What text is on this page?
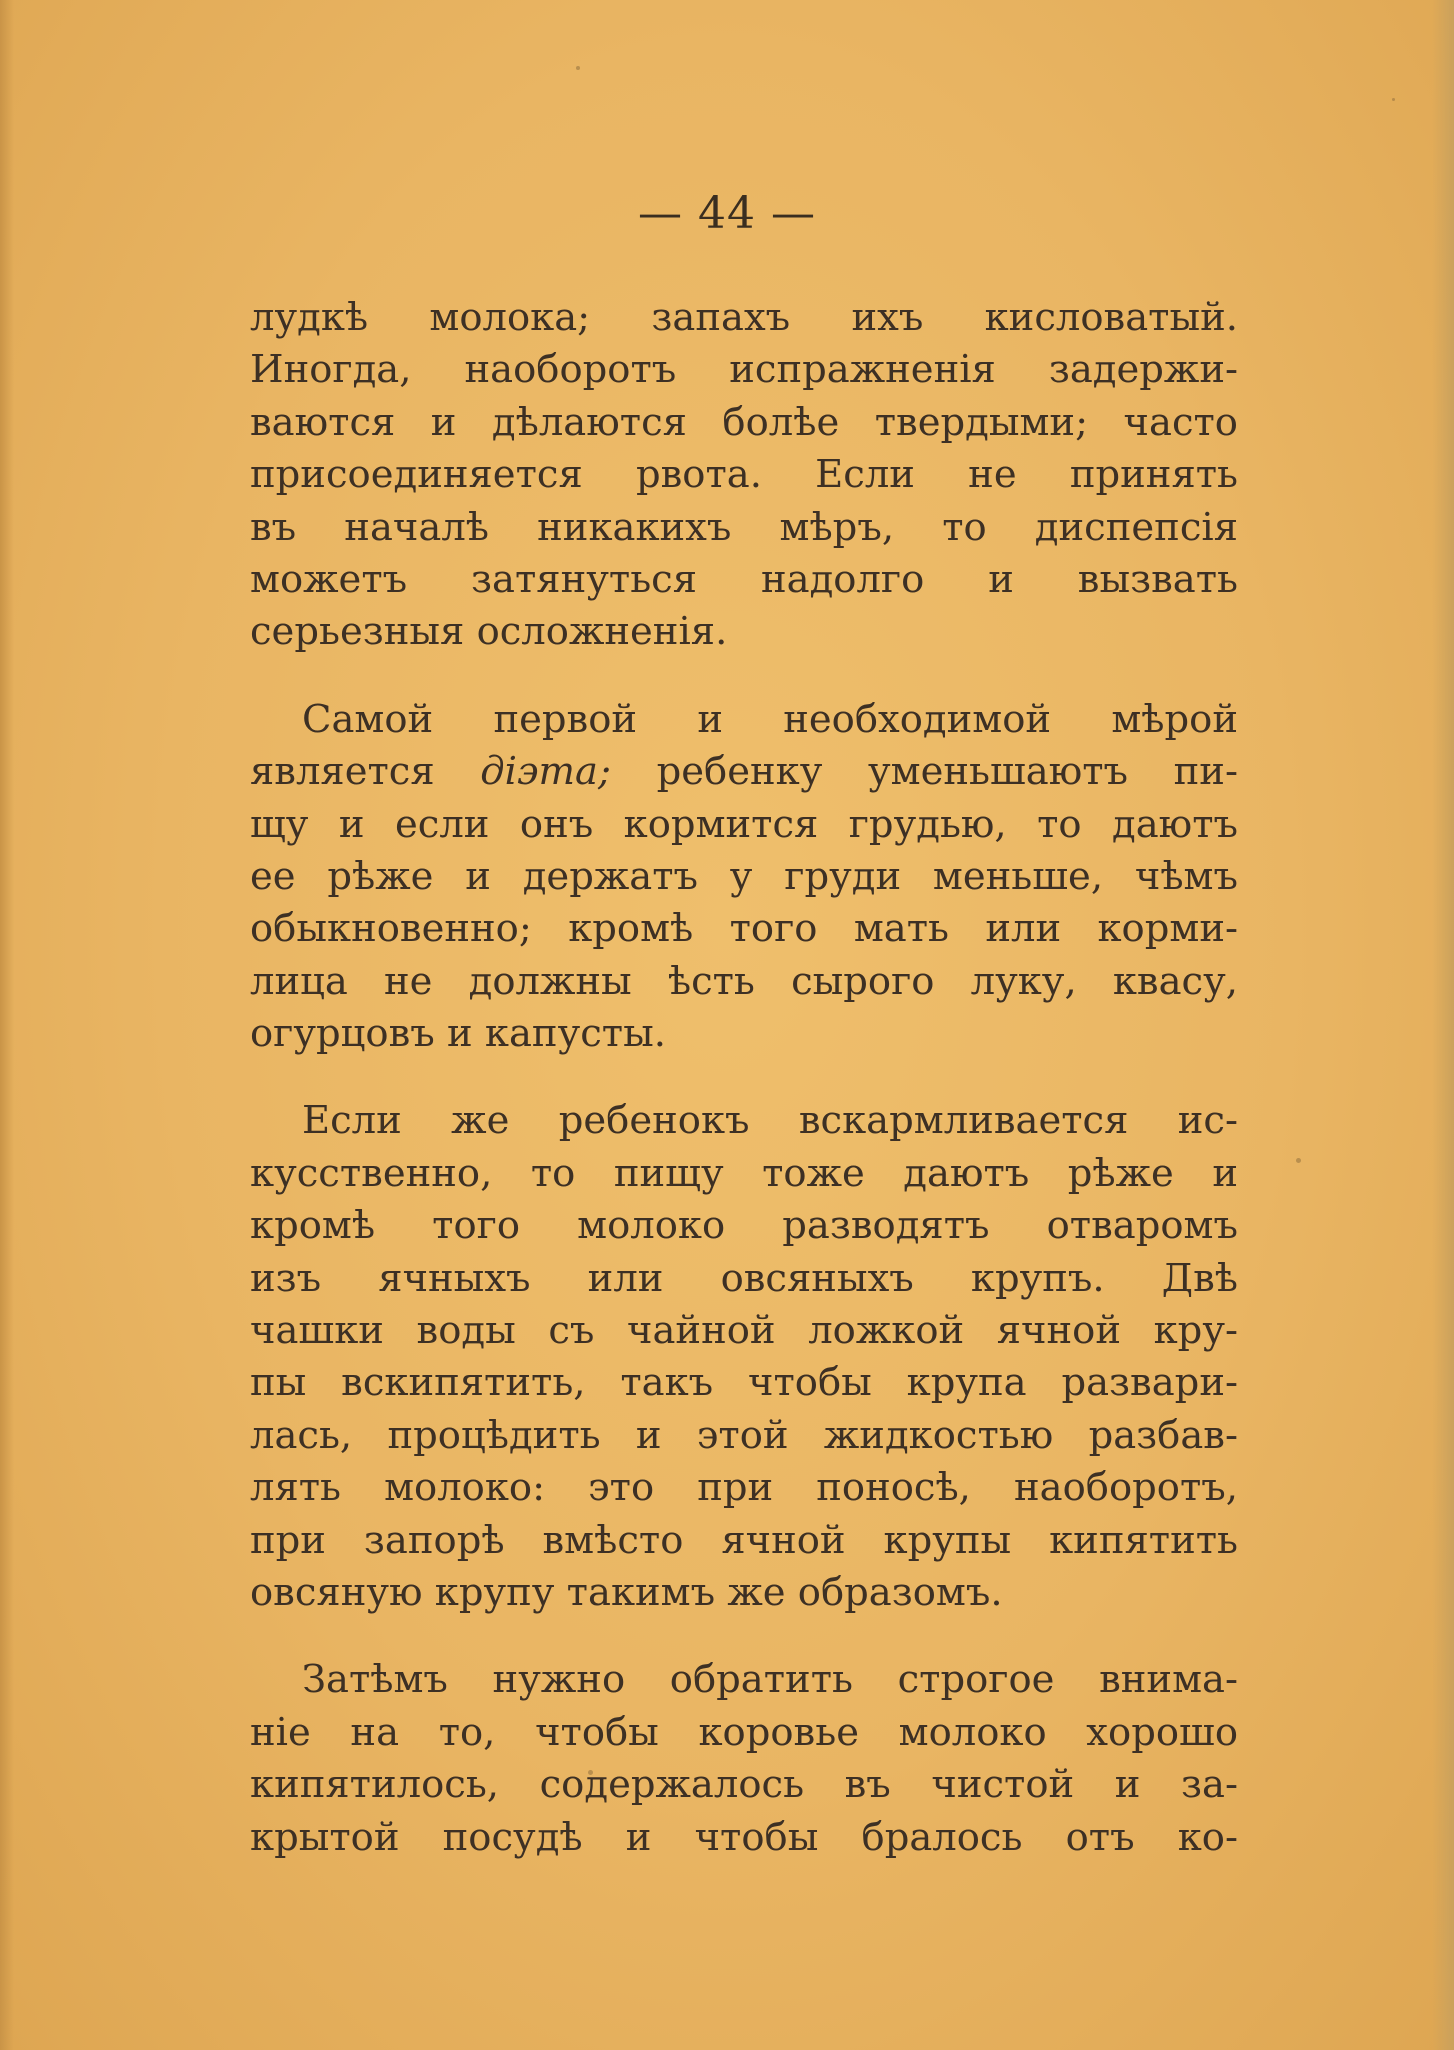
— 44 —

лудкѣ молока; запахъ ихъ кисловатый.
Иногда, наоборотъ испражненія задержи-
ваются и дѣлаются болѣе твердыми; часто
присоединяется рвота. Если не принять
въ началѣ никакихъ мѣръ, то диспепсія
можетъ затянуться надолго и вызвать
серьезныя осложненія.

Самой первой и необходимой мѣрой
является діэта; ребенку уменьшаютъ пи-
щу и если онъ кормится грудью, то даютъ
ее рѣже и держатъ у груди меньше, чѣмъ
обыкновенно; кромѣ того мать или корми-
лица не должны ѣсть сырого луку, квасу,
огурцовъ и капусты.

Если же ребенокъ вскармливается ис-
кусственно, то пищу тоже даютъ рѣже и
кромѣ того молоко разводятъ отваромъ
изъ ячныхъ или овсяныхъ крупъ. Двѣ
чашки воды съ чайной ложкой ячной кру-
пы вскипятить, такъ чтобы крупа развари-
лась, процѣдить и этой жидкостью разбав-
лять молоко: это при поносѣ, наоборотъ,
при запорѣ вмѣсто ячной крупы кипятить
овсяную крупу такимъ же образомъ.

Затѣмъ нужно обратить строгое внима-
ніе на то, чтобы коровье молоко хорошо
кипятилось, содержалось въ чистой и за-
крытой посудѣ и чтобы бралось отъ ко-
